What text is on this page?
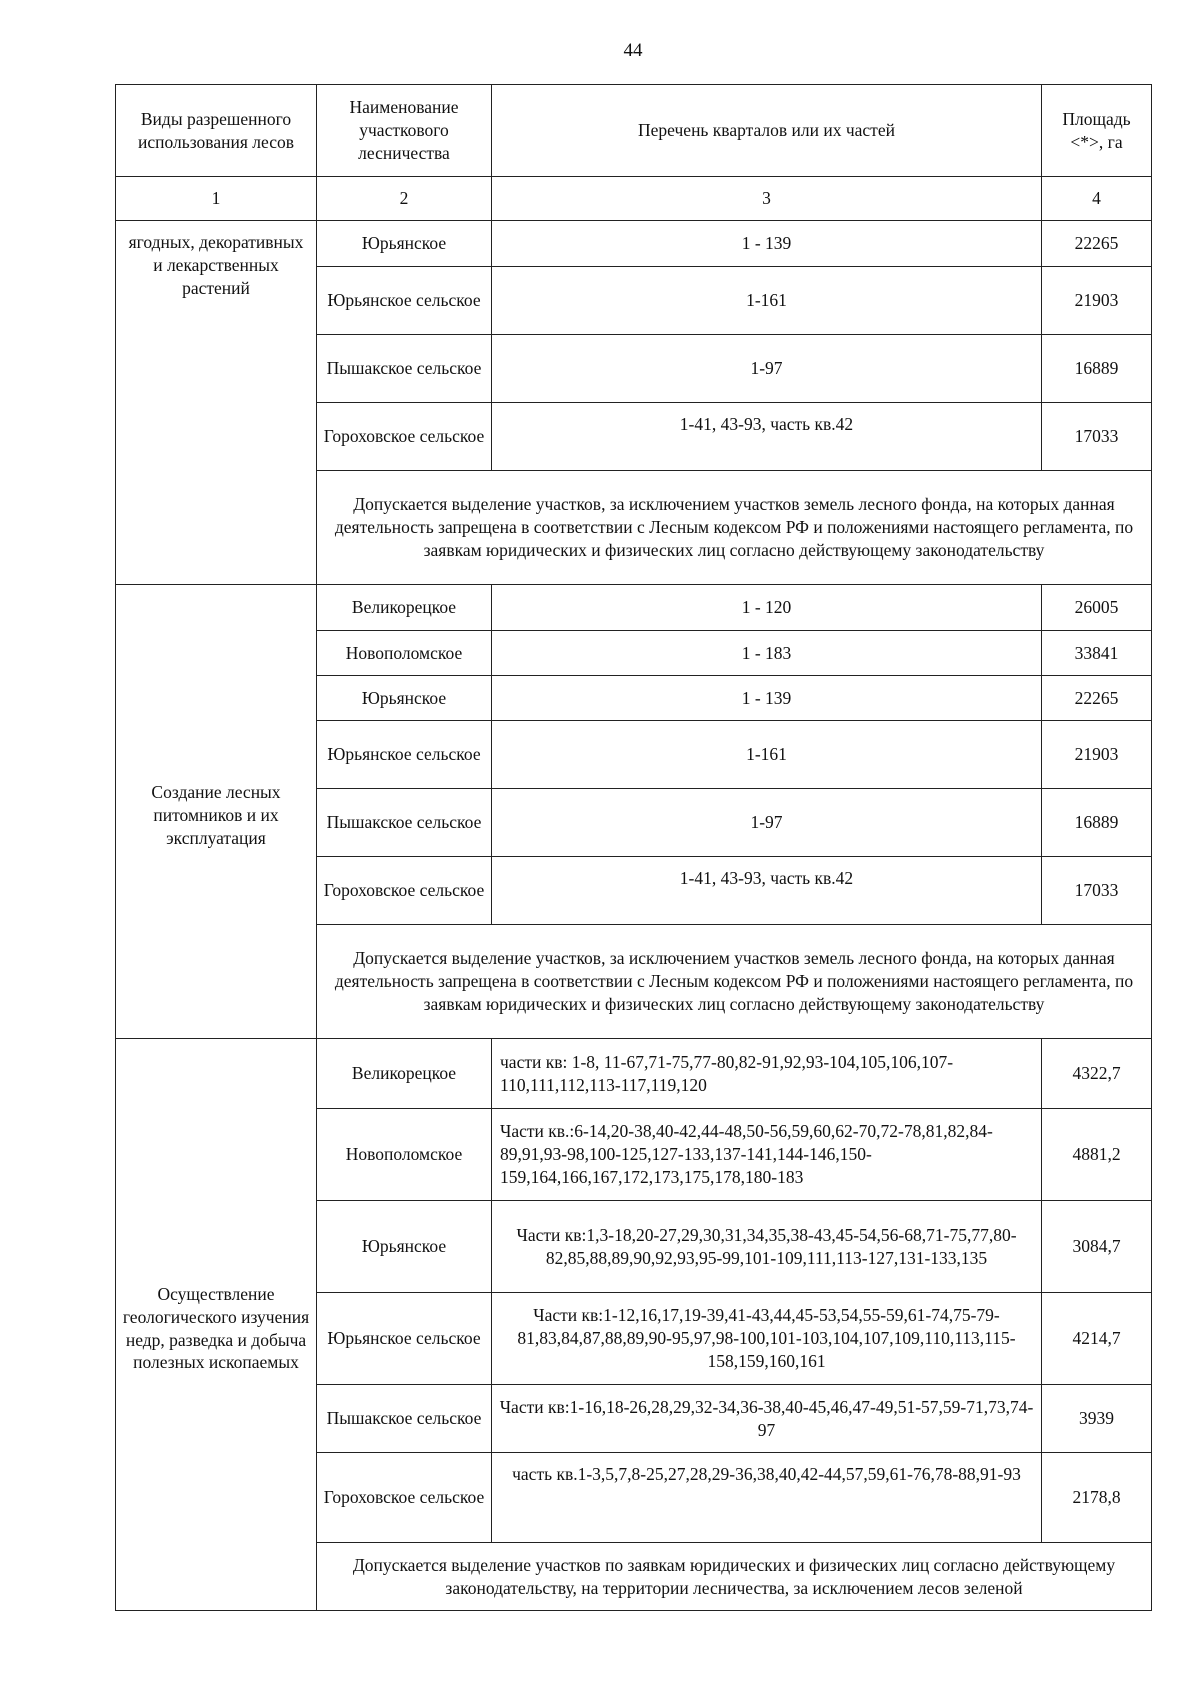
44
Виды разрешенного использования лесов	Наименование участкового лесничества	Перечень кварталов или их частей	Площадь <*>, га
1	2	3	4
ягодных, декоративных и лекарственных растений	Юрьянское	1 - 139	22265
	Юрьянское сельское	1-161	21903
	Пышакское сельское	1-97	16889
	Гороховское сельское	1-41, 43-93, часть кв.42	17033
	Допускается выделение участков, за исключением участков земель лесного фонда, на которых данная деятельность запрещена в соответствии с Лесным кодексом РФ и положениями настоящего регламента, по заявкам юридических и физических лиц согласно действующему законодательству		
Создание лесных питомников и их эксплуатация	Великорецкое	1 - 120	26005
	Новополомское	1 - 183	33841
	Юрьянское	1 - 139	22265
	Юрьянское сельское	1-161	21903
	Пышакское сельское	1-97	16889
	Гороховское сельское	1-41, 43-93, часть кв.42	17033
	Допускается выделение участков, за исключением участков земель лесного фонда, на которых данная деятельность запрещена в соответствии с Лесным кодексом РФ и положениями настоящего регламента, по заявкам юридических и физических лиц согласно действующему законодательству		
Осуществление геологического изучения недр, разведка и добыча полезных ископаемых	Великорецкое	части кв: 1-8, 11-67,71-75,77-80,82-91,92,93-104,105,106,107-110,111,112,113-117,119,120	4322,7
	Новополомское	Части кв.:6-14,20-38,40-42,44-48,50-56,59,60,62-70,72-78,81,82,84-89,91,93-98,100-125,127-133,137-141,144-146,150-159,164,166,167,172,173,175,178,180-183	4881,2
	Юрьянское	Части кв:1,3-18,20-27,29,30,31,34,35,38-43,45-54,56-68,71-75,77,80-82,85,88,89,90,92,93,95-99,101-109,111,113-127,131-133,135	3084,7
	Юрьянское сельское	Части кв:1-12,16,17,19-39,41-43,44,45-53,54,55-59,61-74,75-79-81,83,84,87,88,89,90-95,97,98-100,101-103,104,107,109,110,113,115-158,159,160,161	4214,7
	Пышакское сельское	Части кв:1-16,18-26,28,29,32-34,36-38,40-45,46,47-49,51-57,59-71,73,74-97	3939
	Гороховское сельское	часть кв.1-3,5,7,8-25,27,28,29-36,38,40,42-44,57,59,61-76,78-88,91-93	2178,8
	Допускается выделение участков по заявкам юридических и физических лиц согласно действующему законодательству, на территории лесничества, за исключением лесов зеленой		
